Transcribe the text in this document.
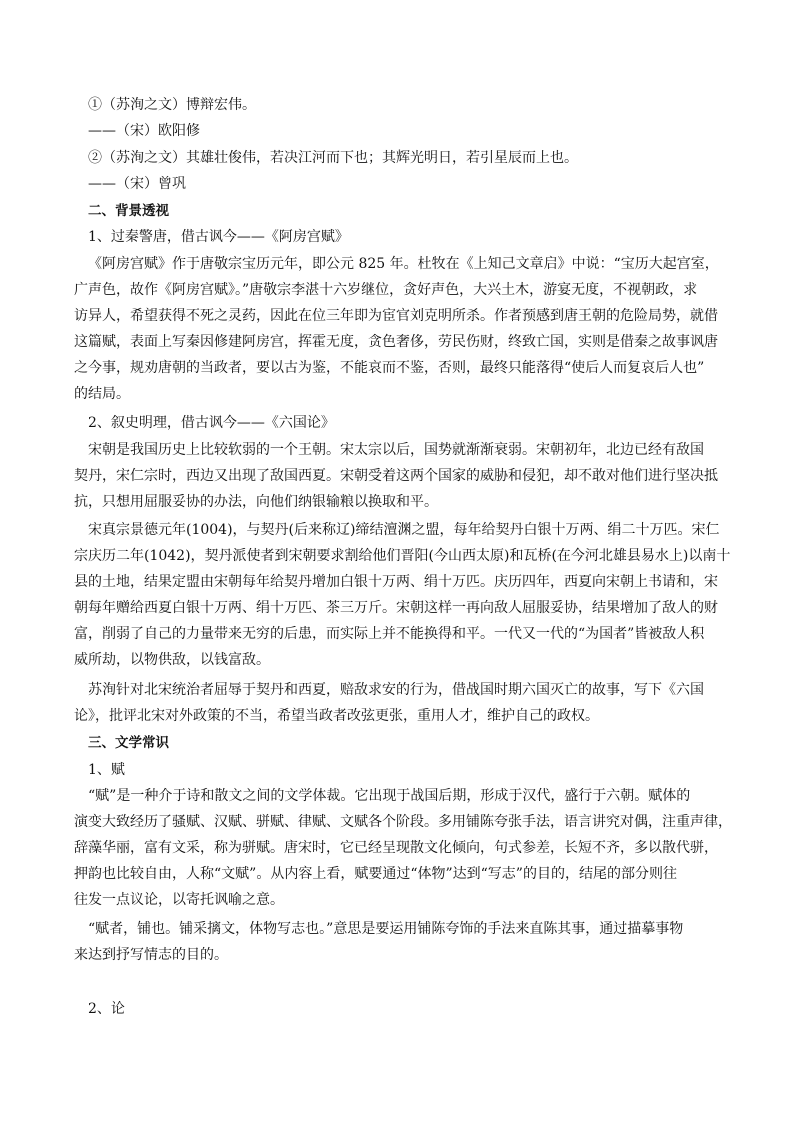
①（苏洵之文）博辩宏伟。

——（宋）欧阳修

②（苏洵之文）其雄壮俊伟，若决江河而下也；其辉光明日，若引星辰而上也。

——（宋）曾巩

二、背景透视

1、过秦警唐，借古讽今——《阿房宫赋》

《阿房宫赋》作于唐敬宗宝历元年，即公元 825 年。杜牧在《上知己文章启》中说：“宝历大起宫室，
广声色，故作《阿房宫赋》。”唐敬宗李湛十六岁继位，贪好声色，大兴土木，游宴无度，不视朝政，求
访异人，希望获得不死之灵药，因此在位三年即为宦官刘克明所杀。作者预感到唐王朝的危险局势，就借
这篇赋，表面上写秦因修建阿房宫，挥霍无度，贪色奢侈，劳民伤财，终致亡国，实则是借秦之故事讽唐
之今事，规劝唐朝的当政者，要以古为鉴，不能哀而不鉴，否则，最终只能落得“使后人而复哀后人也”
的结局。

2、叙史明理，借古讽今——《六国论》

宋朝是我国历史上比较软弱的一个王朝。宋太宗以后，国势就渐渐衰弱。宋朝初年，北边已经有敌国
契丹，宋仁宗时，西边又出现了敌国西夏。宋朝受着这两个国家的威胁和侵犯，却不敢对他们进行坚决抵
抗，只想用屈服妥协的办法，向他们纳银输粮以换取和平。
宋真宗景德元年(1004)，与契丹(后来称辽)缔结澶渊之盟，每年给契丹白银十万两、绢二十万匹。宋仁
宗庆历二年(1042)，契丹派使者到宋朝要求割给他们晋阳(今山西太原)和瓦桥(在今河北雄县易水上)以南十
县的土地，结果定盟由宋朝每年给契丹增加白银十万两、绢十万匹。庆历四年，西夏向宋朝上书请和，宋
朝每年赠给西夏白银十万两、绢十万匹、茶三万斤。宋朝这样一再向敌人屈服妥协，结果增加了敌人的财
富，削弱了自己的力量带来无穷的后患，而实际上并不能换得和平。一代又一代的“为国者”皆被敌人积
威所劫，以物供敌，以钱富敌。
苏洵针对北宋统治者屈辱于契丹和西夏，赔敌求安的行为，借战国时期六国灭亡的故事，写下《六国
论》，批评北宋对外政策的不当，希望当政者改弦更张，重用人才，维护自己的政权。

三、文学常识

1、赋

“赋”是一种介于诗和散文之间的文学体裁。它出现于战国后期，形成于汉代，盛行于六朝。赋体的
演变大致经历了骚赋、汉赋、骈赋、律赋、文赋各个阶段。多用铺陈夸张手法，语言讲究对偶，注重声律，
辞藻华丽，富有文采，称为骈赋。唐宋时，它已经呈现散文化倾向，句式参差，长短不齐，多以散代骈，
押韵也比较自由，人称“文赋”。从内容上看，赋要通过“体物”达到“写志”的目的，结尾的部分则往
往发一点议论，以寄托讽喻之意。
“赋者，铺也。铺采摛文，体物写志也。”意思是要运用铺陈夸饰的手法来直陈其事，通过描摹事物
来达到抒写情志的目的。

2、论
